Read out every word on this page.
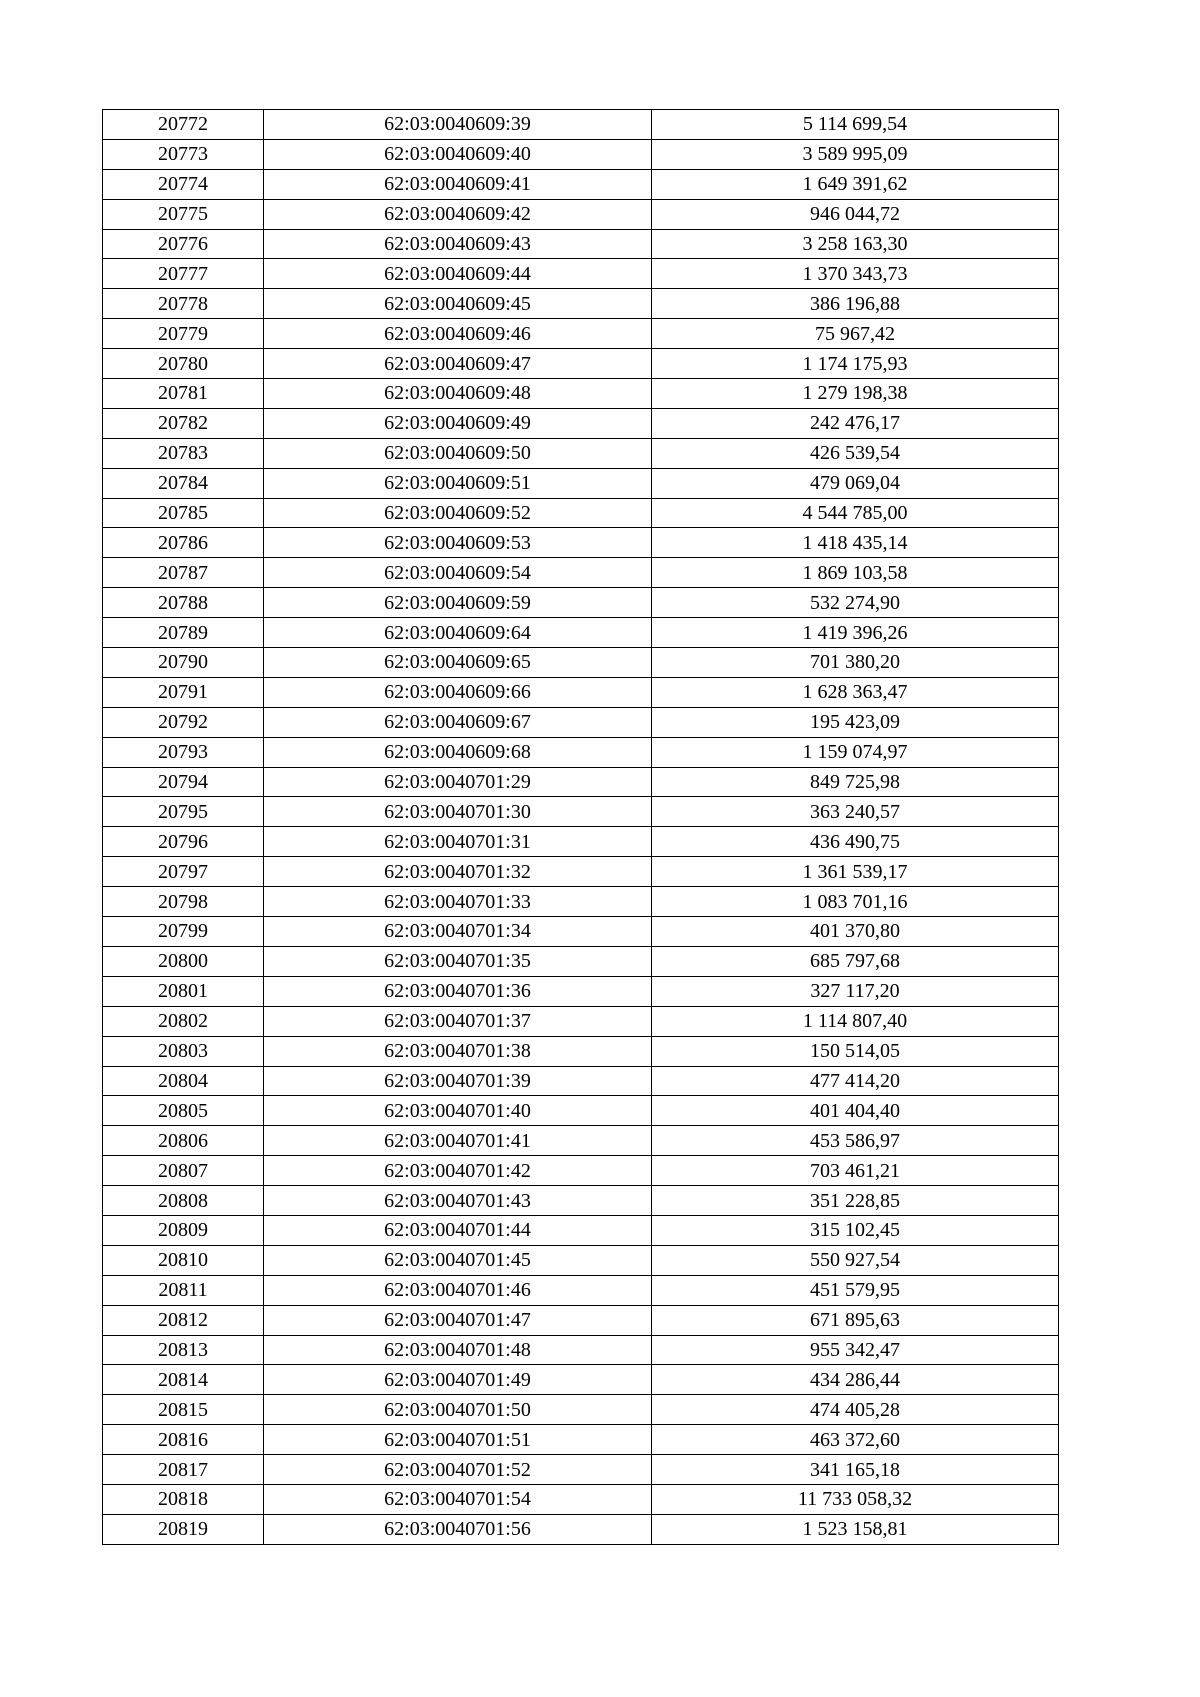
20772	62:03:0040609:39	5 114 699,54
20773	62:03:0040609:40	3 589 995,09
20774	62:03:0040609:41	1 649 391,62
20775	62:03:0040609:42	946 044,72
20776	62:03:0040609:43	3 258 163,30
20777	62:03:0040609:44	1 370 343,73
20778	62:03:0040609:45	386 196,88
20779	62:03:0040609:46	75 967,42
20780	62:03:0040609:47	1 174 175,93
20781	62:03:0040609:48	1 279 198,38
20782	62:03:0040609:49	242 476,17
20783	62:03:0040609:50	426 539,54
20784	62:03:0040609:51	479 069,04
20785	62:03:0040609:52	4 544 785,00
20786	62:03:0040609:53	1 418 435,14
20787	62:03:0040609:54	1 869 103,58
20788	62:03:0040609:59	532 274,90
20789	62:03:0040609:64	1 419 396,26
20790	62:03:0040609:65	701 380,20
20791	62:03:0040609:66	1 628 363,47
20792	62:03:0040609:67	195 423,09
20793	62:03:0040609:68	1 159 074,97
20794	62:03:0040701:29	849 725,98
20795	62:03:0040701:30	363 240,57
20796	62:03:0040701:31	436 490,75
20797	62:03:0040701:32	1 361 539,17
20798	62:03:0040701:33	1 083 701,16
20799	62:03:0040701:34	401 370,80
20800	62:03:0040701:35	685 797,68
20801	62:03:0040701:36	327 117,20
20802	62:03:0040701:37	1 114 807,40
20803	62:03:0040701:38	150 514,05
20804	62:03:0040701:39	477 414,20
20805	62:03:0040701:40	401 404,40
20806	62:03:0040701:41	453 586,97
20807	62:03:0040701:42	703 461,21
20808	62:03:0040701:43	351 228,85
20809	62:03:0040701:44	315 102,45
20810	62:03:0040701:45	550 927,54
20811	62:03:0040701:46	451 579,95
20812	62:03:0040701:47	671 895,63
20813	62:03:0040701:48	955 342,47
20814	62:03:0040701:49	434 286,44
20815	62:03:0040701:50	474 405,28
20816	62:03:0040701:51	463 372,60
20817	62:03:0040701:52	341 165,18
20818	62:03:0040701:54	11 733 058,32
20819	62:03:0040701:56	1 523 158,81
